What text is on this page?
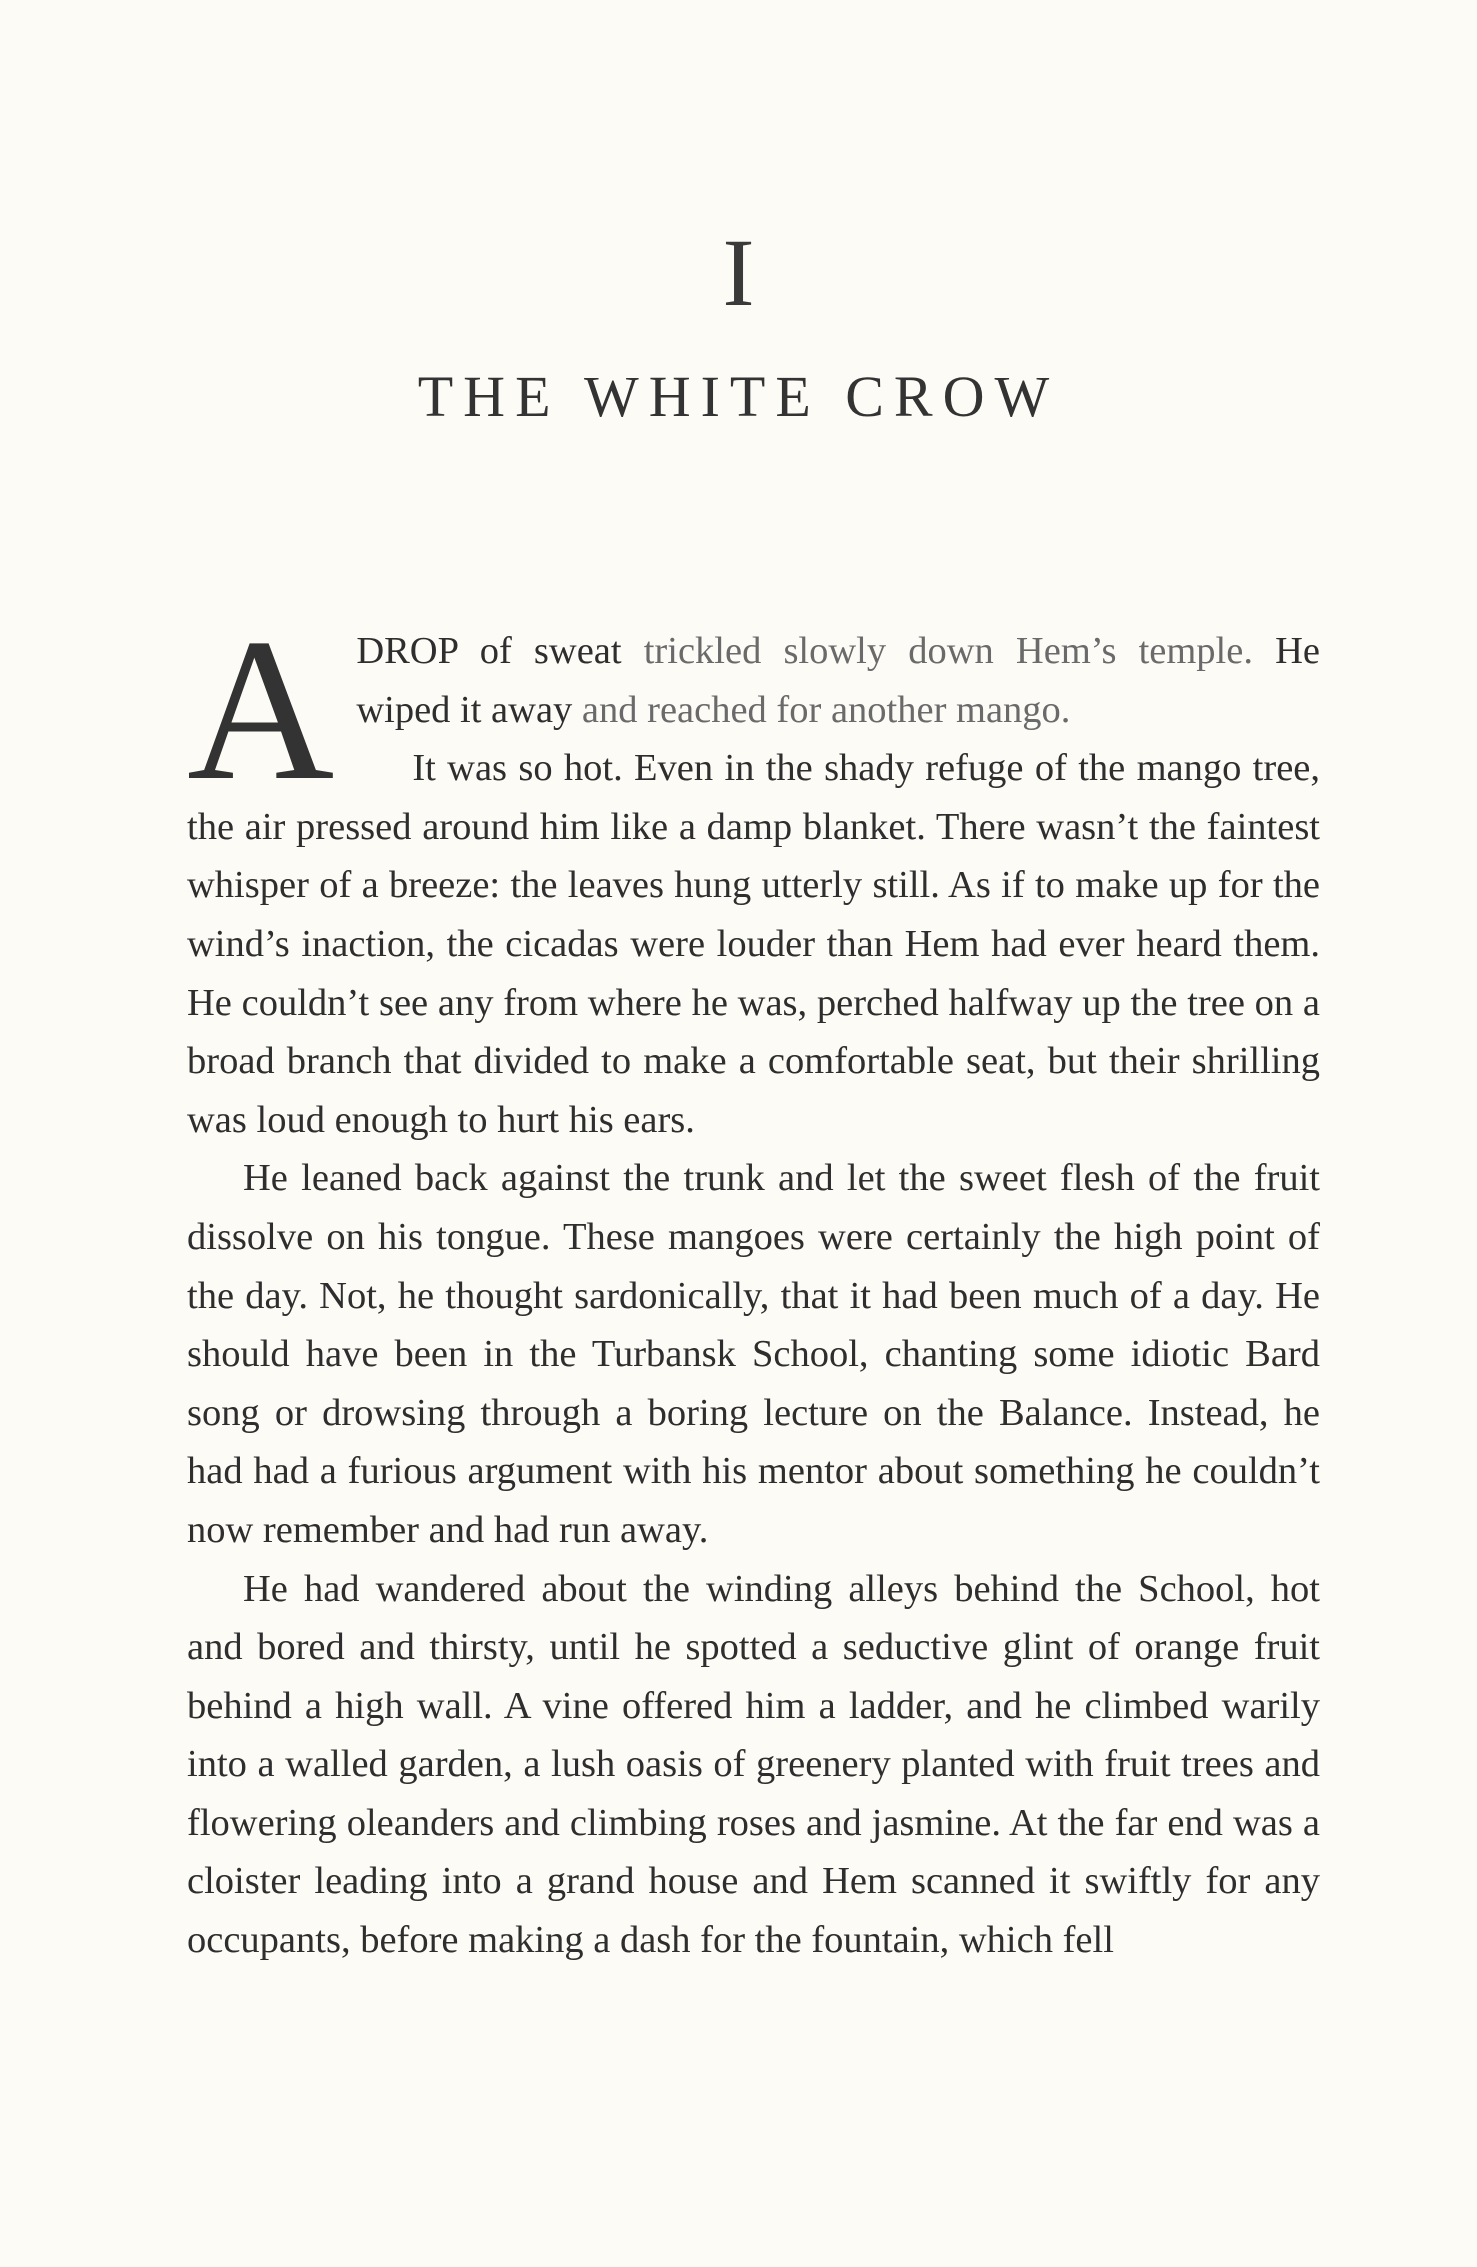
I
THE WHITE CROW

ADROP of sweat trickled slowly down Hem’s temple. He wiped it away and reached for another mango.

It was so hot. Even in the shady refuge of the mango tree, the air pressed around him like a damp blanket. There wasn’t the faintest whisper of a breeze: the leaves hung utterly still. As if to make up for the wind’s inaction, the cicadas were louder than Hem had ever heard them. He couldn’t see any from where he was, perched halfway up the tree on a broad branch that divided to make a comfortable seat, but their shrilling was loud enough to hurt his ears.

He leaned back against the trunk and let the sweet flesh of the fruit dissolve on his tongue. These mangoes were certainly the high point of the day. Not, he thought sardonically, that it had been much of a day. He should have been in the Turbansk School, chanting some idiotic Bard song or drowsing through a boring lecture on the Balance. Instead, he had had a furious argument with his mentor about something he couldn’t now remember and had run away.

He had wandered about the winding alleys behind the School, hot and bored and thirsty, until he spotted a seductive glint of orange fruit behind a high wall. A vine offered him a ladder, and he climbed warily into a walled garden, a lush oasis of greenery planted with fruit trees and flowering oleanders and climbing roses and jasmine. At the far end was a cloister leading into a grand house and Hem scanned it swiftly for any occupants, before making a dash for the fountain, which fell
